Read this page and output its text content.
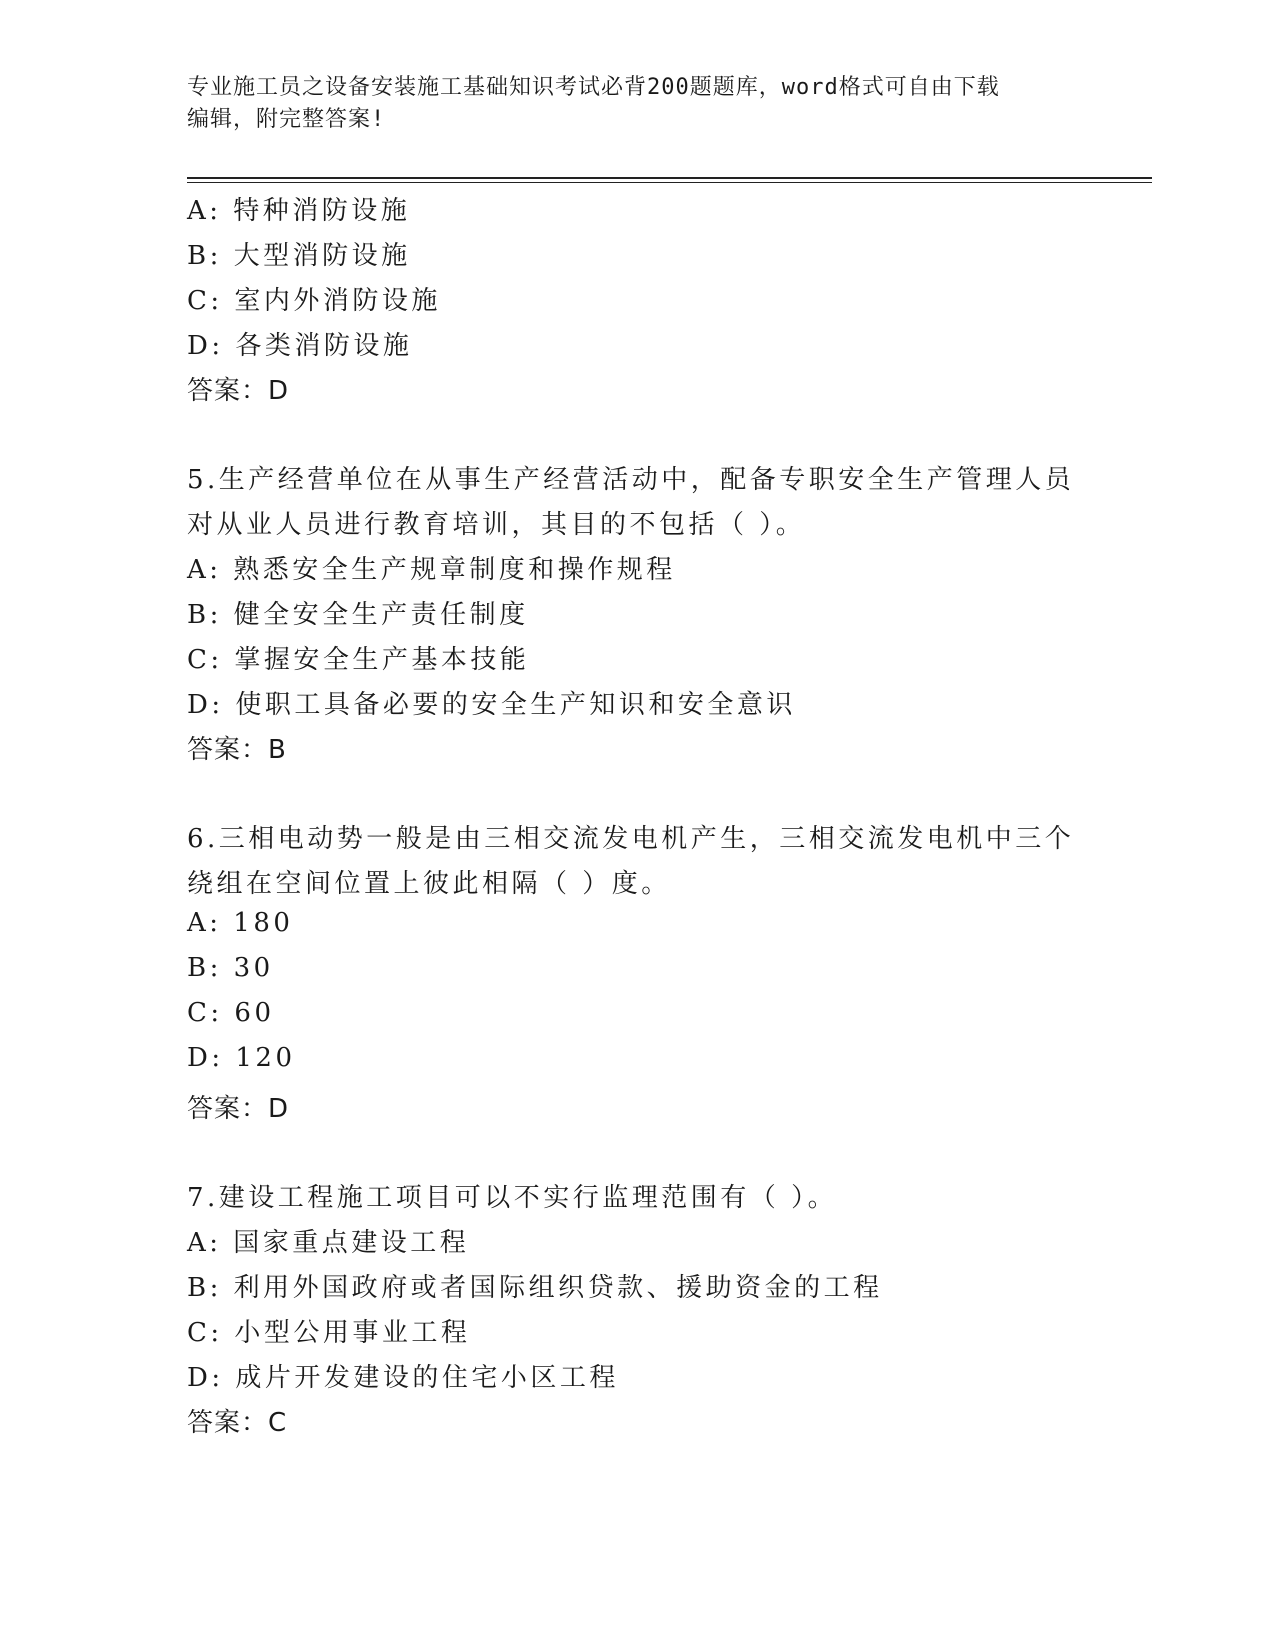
专业施工员之设备安装施工基础知识考试必背200题题库，word格式可自由下载
编辑，附完整答案!
A: 特种消防设施
B: 大型消防设施
C: 室内外消防设施
D: 各类消防设施
答案：D
5.生产经营单位在从事生产经营活动中，配备专职安全生产管理人员
对从业人员进行教育培训，其目的不包括（ ）。
A: 熟悉安全生产规章制度和操作规程
B: 健全安全生产责任制度
C: 掌握安全生产基本技能
D: 使职工具备必要的安全生产知识和安全意识
答案：B
6.三相电动势一般是由三相交流发电机产生，三相交流发电机中三个
绕组在空间位置上彼此相隔（ ）度。
A: 180
B: 30
C: 60
D: 120
答案：D
7.建设工程施工项目可以不实行监理范围有（ ）。
A: 国家重点建设工程
B: 利用外国政府或者国际组织贷款、援助资金的工程
C: 小型公用事业工程
D: 成片开发建设的住宅小区工程
答案：C
